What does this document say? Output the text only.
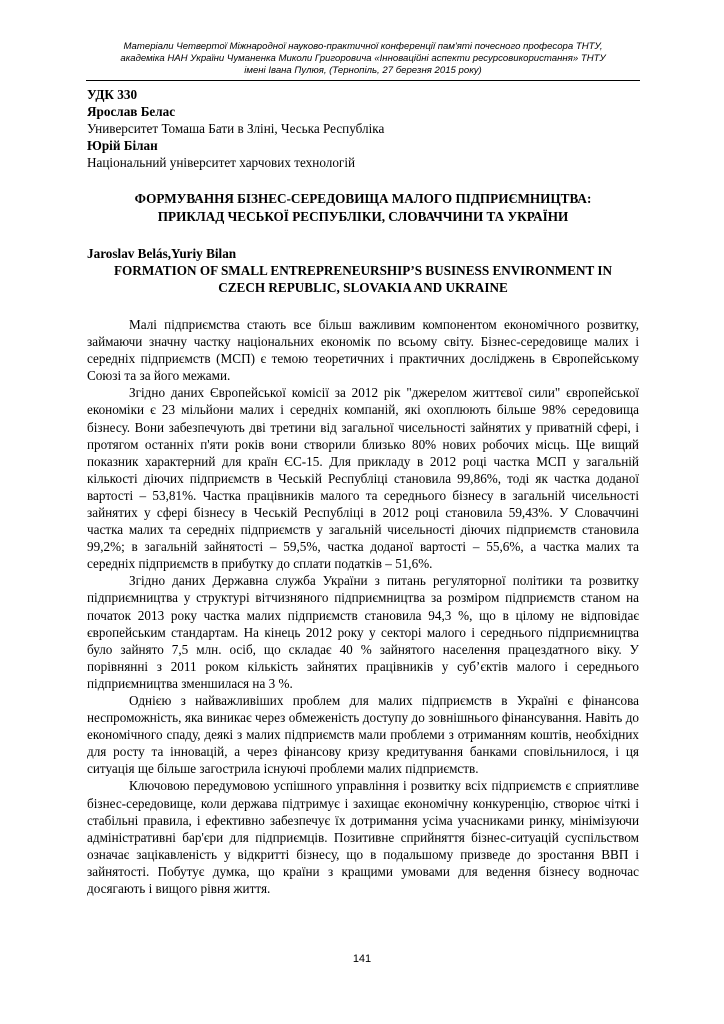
Матеріали Четвертої Міжнародної науково-практичної конференції пам'яті почесного професора ТНТУ,
академіка НАН України Чуманенка Миколи Григоровича «Інноваційні аспекти ресурсовикористання» ТНТУ
імені Івана Пулюя, (Тернопіль, 27 березня 2015 року)
УДК 330
Ярослав Белас
Университет Томаша Бати в Зліні, Чеська Республіка
Юрій Білан
Національний університет харчових технологій
ФОРМУВАННЯ БІЗНЕС-СЕРЕДОВИЩА МАЛОГО ПІДПРИЄМНИЦТВА:
ПРИКЛАД ЧЕСЬКОЇ РЕСПУБЛІКИ, СЛОВАЧЧИНИ ТА УКРАЇНИ
Jaroslav Belás,Yuriy Bilan
FORMATION OF SMALL ENTREPRENEURSHIP’S BUSINESS ENVIRONMENT IN
CZECH REPUBLIC, SLOVAKIA AND UKRAINE

Малі підприємства стають все більш важливим компонентом економічного розвитку, займаючи значну частку національних економік по всьому світу. Бізнес-середовище малих і середніх підприємств (МСП) є темою теоретичних і практичних досліджень в Європейському Союзі та за його межами.

Згідно даних Європейської комісії за 2012 рік "джерелом життєвої сили" європейської економіки є 23 мільйони малих і середніх компаній, які охоплюють більше 98% середовища бізнесу. Вони забезпечують дві третини від загальної чисельності зайнятих у приватній сфері, і протягом останніх п'яти років вони створили близько 80% нових робочих місць. Ще вищий показник характерний для країн ЄС-15. Для прикладу в 2012 році частка МСП у загальній кількості діючих підприємств в Чеській Республіці становила 99,86%, тоді як частка доданої вартості – 53,81%. Частка працівників малого та середнього бізнесу в загальній чисельності зайнятих у сфері бізнесу в Чеській Республіці в 2012 році становила 59,43%. У Словаччині частка малих та середніх підприємств у загальній чисельності діючих підприємств становила 99,2%; в загальній зайнятості – 59,5%, частка доданої вартості – 55,6%, а частка малих та середніх підприємств в прибутку до сплати податків – 51,6%.

Згідно даних Державна служба України з питань регуляторної політики та розвитку підприємництва у структурі вітчизняного підприємництва за розміром підприємств станом на початок 2013 року частка малих підприємств становила 94,3 %, що в цілому не відповідає європейським стандартам. На кінець 2012 року у секторі малого і середнього підприємництва було зайнято 7,5 млн. осіб, що складає 40 % зайнятого населення працездатного віку. У порівнянні з 2011 роком кількість зайнятих працівників у суб’єктів малого і середнього підприємництва зменшилася на 3 %.

Однією з найважливіших проблем для малих підприємств в Україні є фінансова неспроможність, яка виникає через обмеженість доступу до зовнішнього фінансування. Навіть до економічного спаду, деякі з малих підприємств мали проблеми з отриманням коштів, необхідних для росту та інновацій, а через фінансову кризу кредитування банками сповільнилося, і ця ситуація ще більше загострила існуючі проблеми малих підприємств.

Ключовою передумовою успішного управління і розвитку всіх підприємств є сприятливе бізнес-середовище, коли держава підтримує і захищає економічну конкуренцію, створює чіткі і стабільні правила, і ефективно забезпечує їх дотримання усіма учасниками ринку, мінімізуючи адміністративні бар'єри для підприємців. Позитивне сприйняття бізнес-ситуацій суспільством означає зацікавленість у відкритті бізнесу, що в подальшому призведе до зростання ВВП і зайнятості. Побутує думка, що країни з кращими умовами для ведення бізнесу водночас досягають і вищого рівня життя.

141
